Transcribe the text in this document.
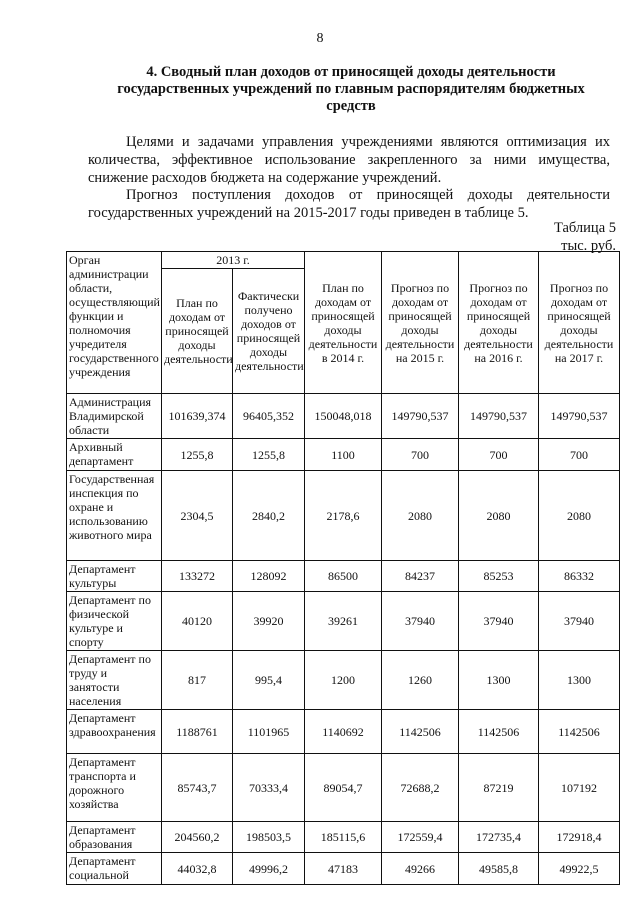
8
4. Сводный план доходов от приносящей доходы деятельности государственных учреждений по главным распорядителям бюджетных средств
Целями и задачами управления учреждениями являются оптимизация их количества, эффективное использование закрепленного за ними имущества, снижение расходов бюджета на содержание учреждений.
Прогноз поступления доходов от приносящей доходы деятельности государственных учреждений на 2015-2017 годы приведен в таблице 5.
Таблица 5
тыс. руб.
Орган администрации области, осуществляющий функции и полномочия учредителя государственного учреждения	2013 г.		План по доходам от приносящей доходы деятельности в 2014 г.	Прогноз по доходам от приносящей доходы деятельности на 2015 г.	Прогноз по доходам от приносящей доходы деятельности на 2016 г.	Прогноз по доходам от приносящей доходы деятельности на 2017 г.
	План по доходам от приносящей доходы деятельности	Фактически получено доходов от приносящей доходы деятельности				
Администрация Владимирской области	101639,374	96405,352	150048,018	149790,537	149790,537	149790,537
Архивный департамент	1255,8	1255,8	1100	700	700	700
Государственная инспекция по охране и использованию животного мира	2304,5	2840,2	2178,6	2080	2080	2080
Департамент культуры	133272	128092	86500	84237	85253	86332
Департамент по физической культуре и спорту	40120	39920	39261	37940	37940	37940
Департамент по труду и занятости населения	817	995,4	1200	1260	1300	1300
Департамент здравоохранения	1188761	1101965	1140692	1142506	1142506	1142506
Департамент транспорта и дорожного хозяйства	85743,7	70333,4	89054,7	72688,2	87219	107192
Департамент образования	204560,2	198503,5	185115,6	172559,4	172735,4	172918,4
Департамент социальной	44032,8	49996,2	47183	49266	49585,8	49922,5
